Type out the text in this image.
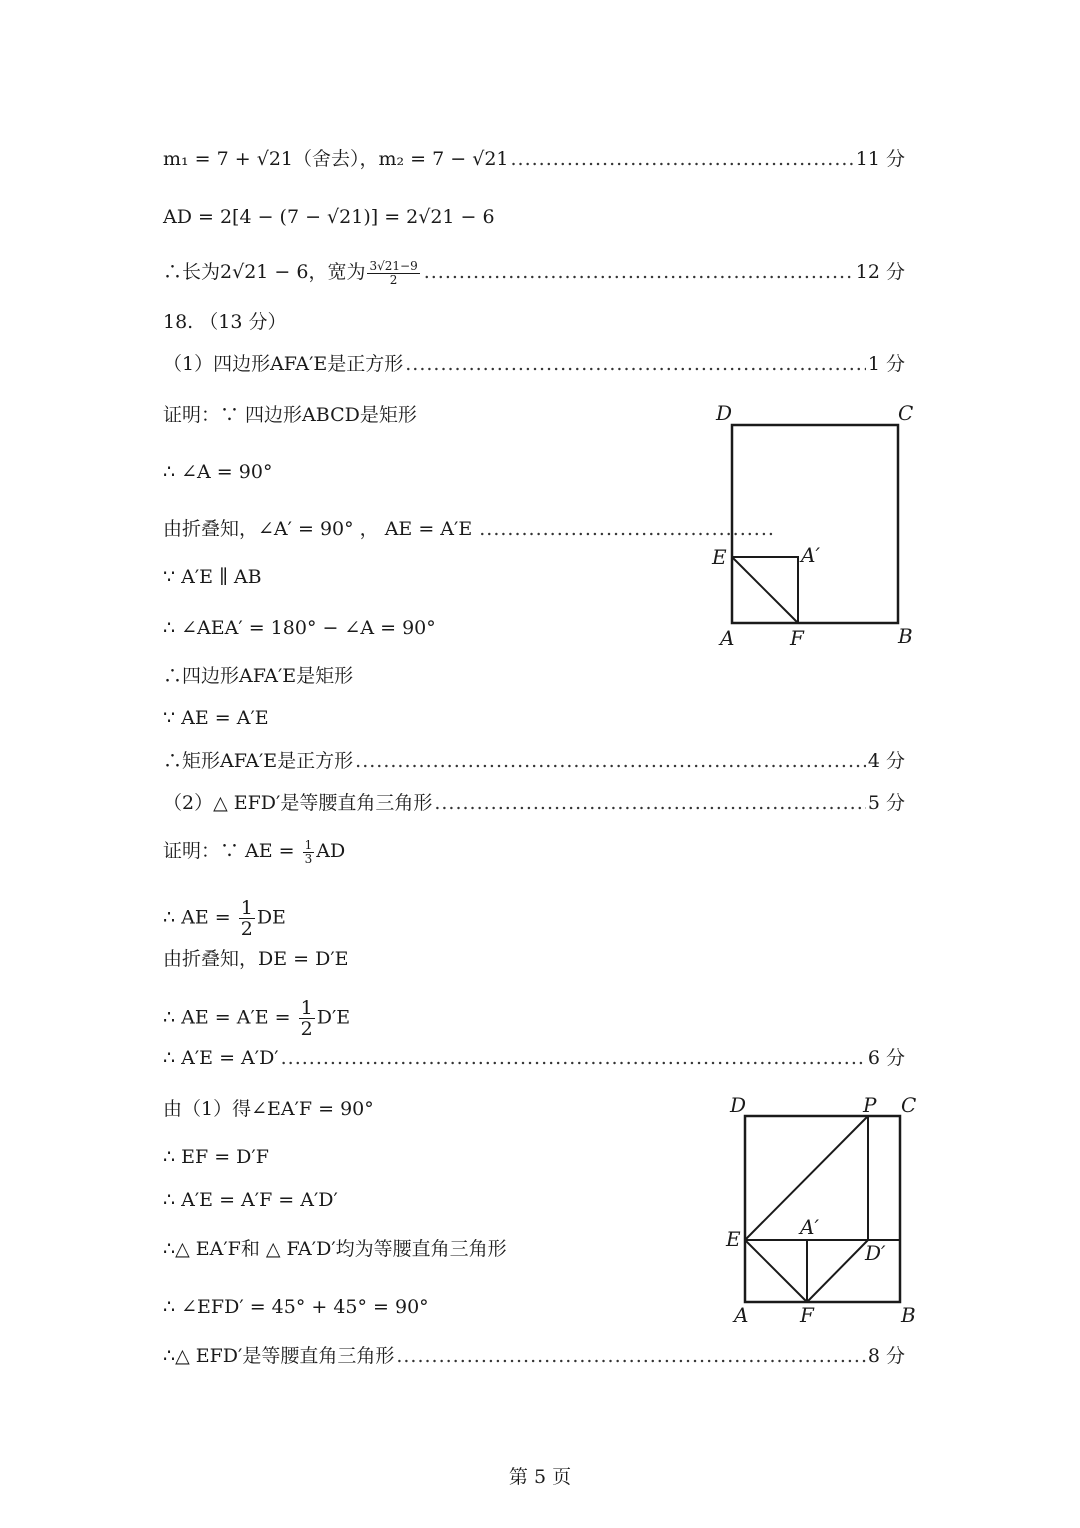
m₁ = 7 + √21（舍去），m₂ = 7 − √21 .....	11 分
AD = 2[4 − (7 − √21)] = 2√21 − 6
∴长为2√21 − 6，宽为 $\frac{3√21-9}{2}$ .....	12 分
18. （13 分）
（1）四边形AFA′E是正方形 .....	1 分
证明：∵ 四边形ABCD是矩形
∴ ∠A = 90°
由折叠知，∠A′ = 90° ， AE = A′E ..........................................
∵ A′E ∥ AB
∴ ∠AEA′ = 180° − ∠A = 90°
∴四边形AFA′E是矩形
∵ AE = A′E
∴矩形AFA′E是正方形 .....	4 分
（2）△ EFD′是等腰直角三角形 .....	5 分
证明：∵ AE = $\frac{1}{3}$ AD
∴ AE = $\frac{1}{2}$ DE
由折叠知，DE = D′E
∴ AE = $A'E = \frac{1}{2} D'E$
∴ A′E = A′D′ .....	6 分
由（1）得∠EA′F = 90°
∴ EF = D′F
∴ A′E = A′F = A′D′
∴△ EA′F和 △ FA′D′均为等腰直角三角形
∴ ∠EFD′ = 45° + 45° = 90°
∴△ EFD′是等腰直角三角形 .....	8 分
D	C
E	A′
A	F	B
D	P C
E	A′
D′
A	F	B
第 5 页
